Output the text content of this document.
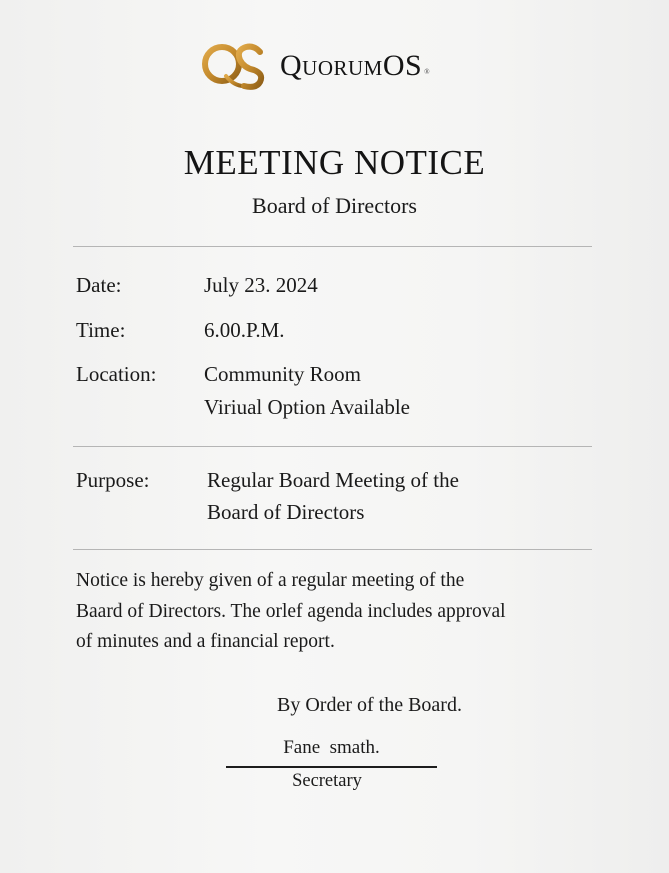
QuorumOS ®
MEETING NOTICE
Board of Directors
Date:	July 23. 2024
Time:	6.00.P.M.
Location: Community Room
Viriual Option Available
Purpose:	Regular Board Meeting of the
Board of Directors
Notice is hereby given of a regular meeting of the
Baard of Directors. The orlef agenda includes approval
of minutes and a financial report.
By Order of the Board.
Fane  smath.
Secretary
